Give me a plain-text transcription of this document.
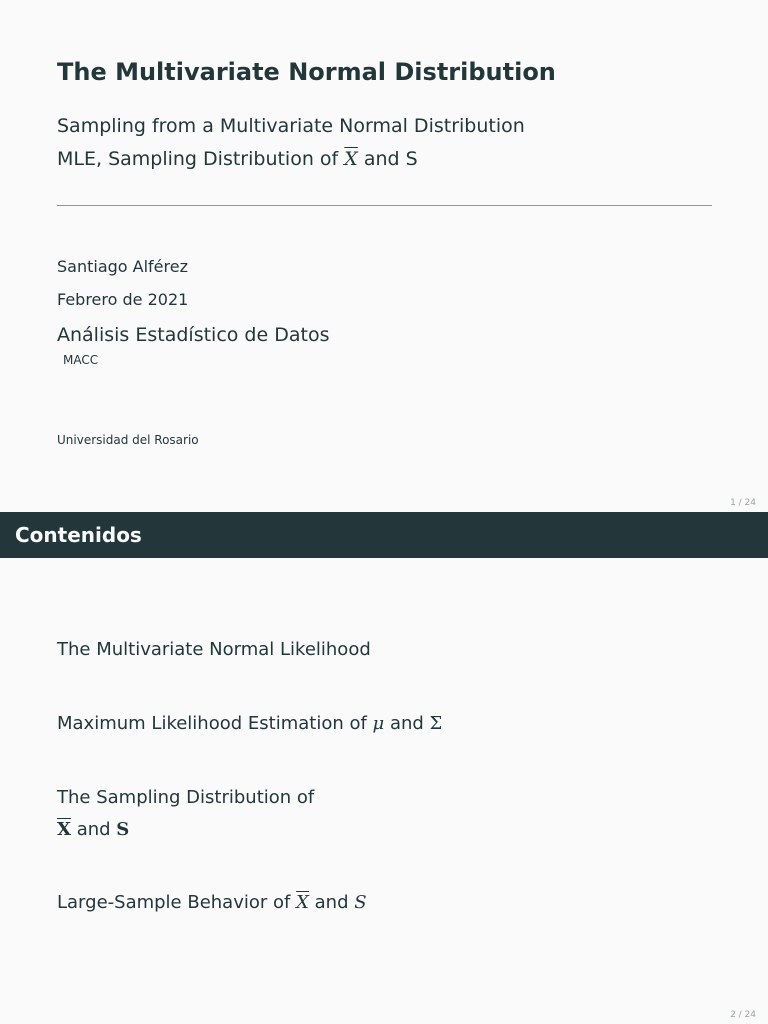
The Multivariate Normal Distribution
Sampling from a Multivariate Normal Distribution
MLE, Sampling Distribution of $\overline{X}$ and S
Santiago Alférez
Febrero de 2021
Análisis Estadístico de Datos
MACC
Universidad del Rosario
1 / 24
Contenidos
The Multivariate Normal Likelihood
Maximum Likelihood Estimation of μ and Σ
The Sampling Distribution of
$\overline{X}$ and S
Large-Sample Behavior of $\overline{X}$ and S
2 / 24
